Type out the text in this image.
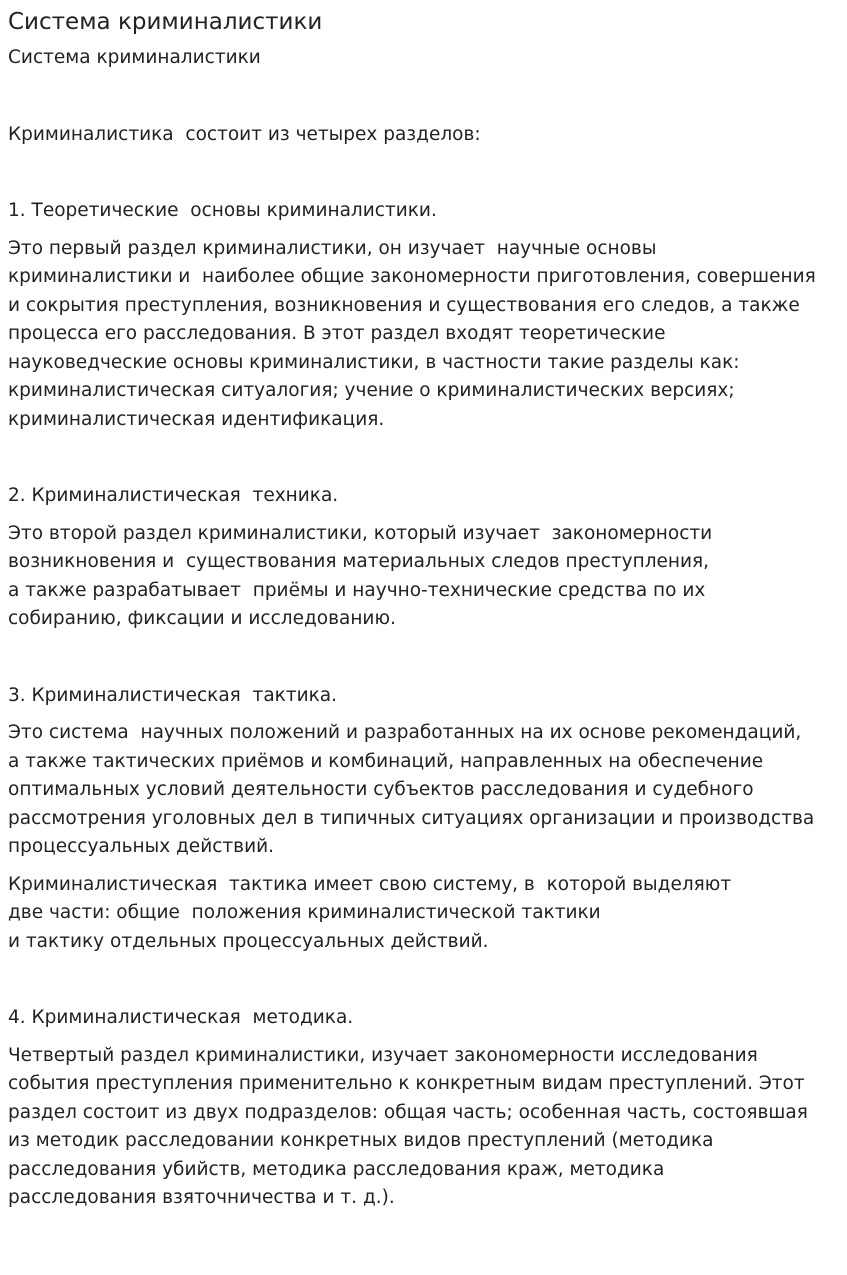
Система криминалистики

Система криминалистики

Криминалистика  состоит из четырех разделов:

1. Теоретические  основы криминалистики.

Это первый раздел криминалистики, он изучает  научные основы
криминалистики и  наиболее общие закономерности приготовления, совершения
и сокрытия преступления, возникновения и существования его следов, а также
процесса его расследования. В этот раздел входят теоретические
науковедческие основы криминалистики, в частности такие разделы как:
криминалистическая ситуалогия; учение о криминалистических версиях;
криминалистическая идентификация.

2. Криминалистическая  техника.

Это второй раздел криминалистики, который изучает  закономерности
возникновения и  существования материальных следов преступления,
а также разрабатывает  приёмы и научно-технические средства по их
собиранию, фиксации и исследованию.

3. Криминалистическая  тактика.

Это система  научных положений и разработанных на их основе рекомендаций,
а также тактических приёмов и комбинаций, направленных на обеспечение
оптимальных условий деятельности субъектов расследования и судебного
рассмотрения уголовных дел в типичных ситуациях организации и производства
процессуальных действий.

Криминалистическая  тактика имеет свою систему, в  которой выделяют
две части: общие  положения криминалистической тактики
и тактику отдельных процессуальных действий.

4. Криминалистическая  методика.

Четвертый раздел криминалистики, изучает закономерности исследования
события преступления применительно к конкретным видам преступлений. Этот
раздел состоит из двух подразделов: общая часть; особенная часть, состоявшая
из методик расследовании конкретных видов преступлений (методика
расследования убийств, методика расследования краж, методика
расследования взяточничества и т. д.).
